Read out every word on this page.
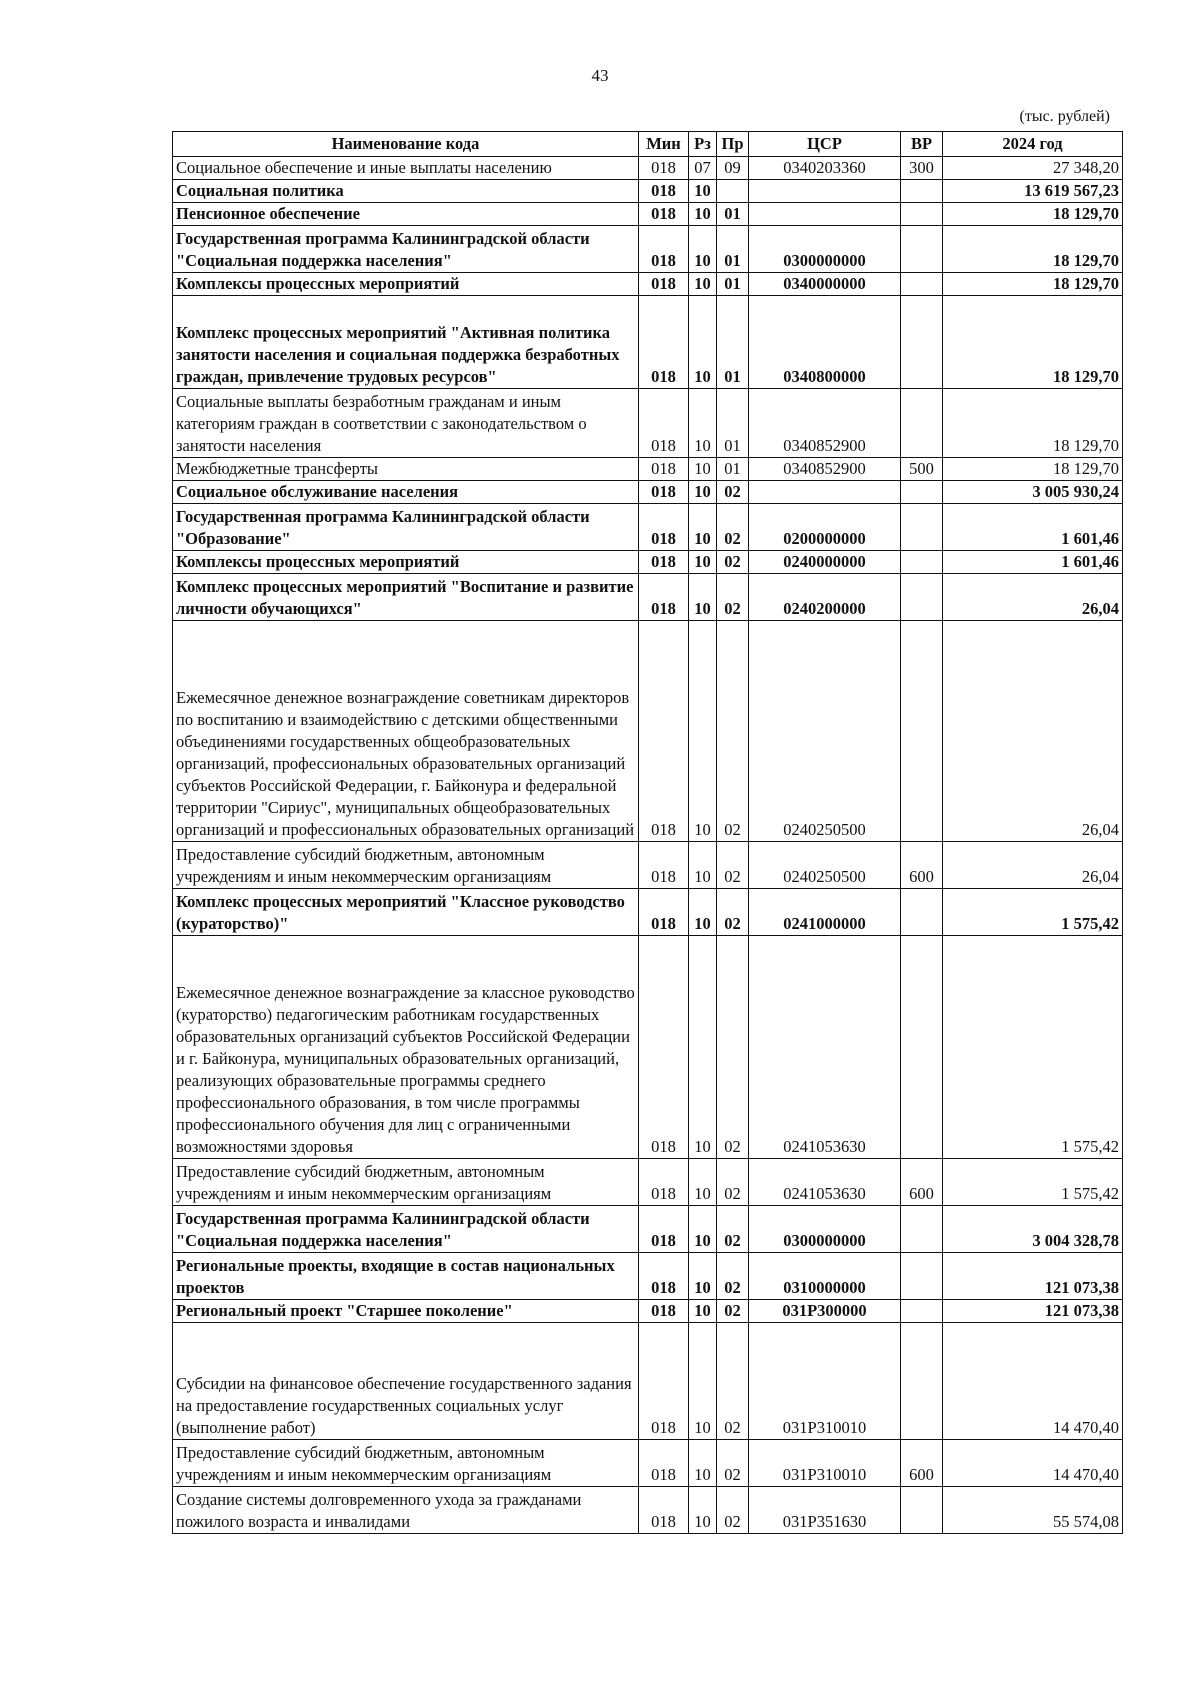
43
(тыс. рублей)
Наименование кода	Мин	Рз	Пр	ЦСР	ВР	2024 год
Социальное обеспечение и иные выплаты населению	018	07	09	0340203360	300	27 348,20
Социальная политика	018	10				13 619 567,23
Пенсионное обеспечение	018	10	01			18 129,70
Государственная программа Калининградской области "Социальная поддержка населения"	018	10	01	0300000000		18 129,70
Комплексы процессных мероприятий	018	10	01	0340000000		18 129,70
Комплекс процессных мероприятий "Активная политика занятости населения и социальная поддержка безработных граждан, привлечение трудовых ресурсов"	018	10	01	0340800000		18 129,70
Социальные выплаты безработным гражданам и иным категориям граждан в соответствии с законодательством о занятости населения	018	10	01	0340852900		18 129,70
Межбюджетные трансферты	018	10	01	0340852900	500	18 129,70
Социальное обслуживание населения	018	10	02			3 005 930,24
Государственная программа Калининградской области "Образование"	018	10	02	0200000000		1 601,46
Комплексы процессных мероприятий	018	10	02	0240000000		1 601,46
Комплекс процессных мероприятий "Воспитание и развитие личности обучающихся"	018	10	02	0240200000		26,04
Ежемесячное денежное вознаграждение советникам директоров по воспитанию и взаимодействию с детскими общественными объединениями государственных общеобразовательных организаций, профессиональных образовательных организаций субъектов Российской Федерации, г. Байконура и федеральной территории "Сириус", муниципальных общеобразовательных организаций и профессиональных образовательных организаций	018	10	02	0240250500		26,04
Предоставление субсидий бюджетным, автономным учреждениям и иным некоммерческим организациям	018	10	02	0240250500	600	26,04
Комплекс процессных мероприятий "Классное руководство (кураторство)"	018	10	02	0241000000		1 575,42
Ежемесячное денежное вознаграждение за классное руководство (кураторство) педагогическим работникам государственных образовательных организаций субъектов Российской Федерации и г. Байконура, муниципальных образовательных организаций, реализующих образовательные программы среднего профессионального образования, в том числе программы профессионального обучения для лиц с ограниченными возможностями здоровья	018	10	02	0241053630		1 575,42
Предоставление субсидий бюджетным, автономным учреждениям и иным некоммерческим организациям	018	10	02	0241053630	600	1 575,42
Государственная программа Калининградской области "Социальная поддержка населения"	018	10	02	0300000000		3 004 328,78
Региональные проекты, входящие в состав национальных проектов	018	10	02	0310000000		121 073,38
Региональный проект "Старшее поколение"	018	10	02	031Р300000		121 073,38
Субсидии на финансовое обеспечение государственного задания на предоставление государственных социальных услуг (выполнение работ)	018	10	02	031Р310010		14 470,40
Предоставление субсидий бюджетным, автономным учреждениям и иным некоммерческим организациям	018	10	02	031Р310010	600	14 470,40
Создание системы долговременного ухода за гражданами пожилого возраста и инвалидами	018	10	02	031Р351630		55 574,08
